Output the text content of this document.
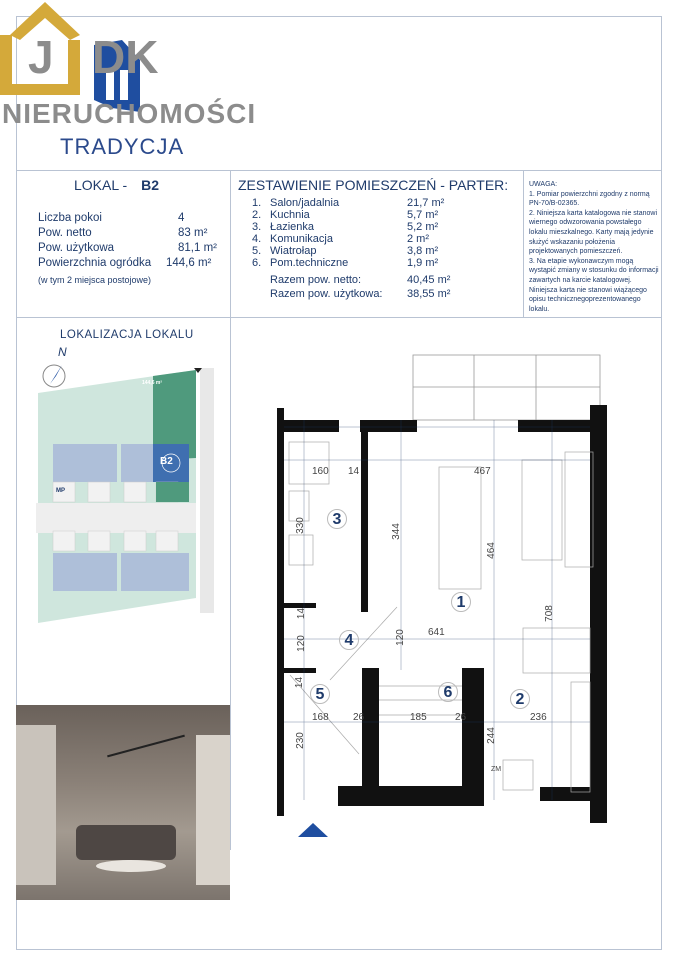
J DK
NIERUCHOMOŚCI
TRADYCJA
LOKAL - B2
Liczba pokoi	4
Pow. netto	83 m²
Pow. użytkowa	81,1 m²
Powierzchnia ogródka 144,6 m²
(w tym 2 miejsca postojowe)
ZESTAWIENIE POMIESZCZEŃ - PARTER:
1. Salon/jadalnia	21,7 m²
2. Kuchnia	5,7 m²
3. Łazienka	5,2 m²
4. Komunikacja	2 m²
5. Wiatrołap	3,8 m²
6. Pom.techniczne	1,9 m²
Razem pow. netto:	40,45 m²
Razem pow. użytkowa:	38,55 m²
UWAGA:
1. Pomiar powierzchni zgodny z normą PN-70/B-02365.
2. Niniejsza karta katalogowa nie stanowi wiernego odwzorowania powstałego lokalu mieszkalnego. Karty mają jedynie służyć wskazaniu położenia projektowanych pomieszczeń.
3. Na etapie wykonawczym mogą wystąpić zmiany w stosunku do informacji zawartych na karcie katalogowej. Niniejsza karta nie stanowi wiążącego opisu technicznegoprezentowanego lokalu.
LOKALIZACJA LOKALU
N
B2
144,6 m²
MP
160 14	467
330	344
464
708
14
120	120 641
14
168 26	185	26
244
236
230
ZM
1
2
3
4
5	6
